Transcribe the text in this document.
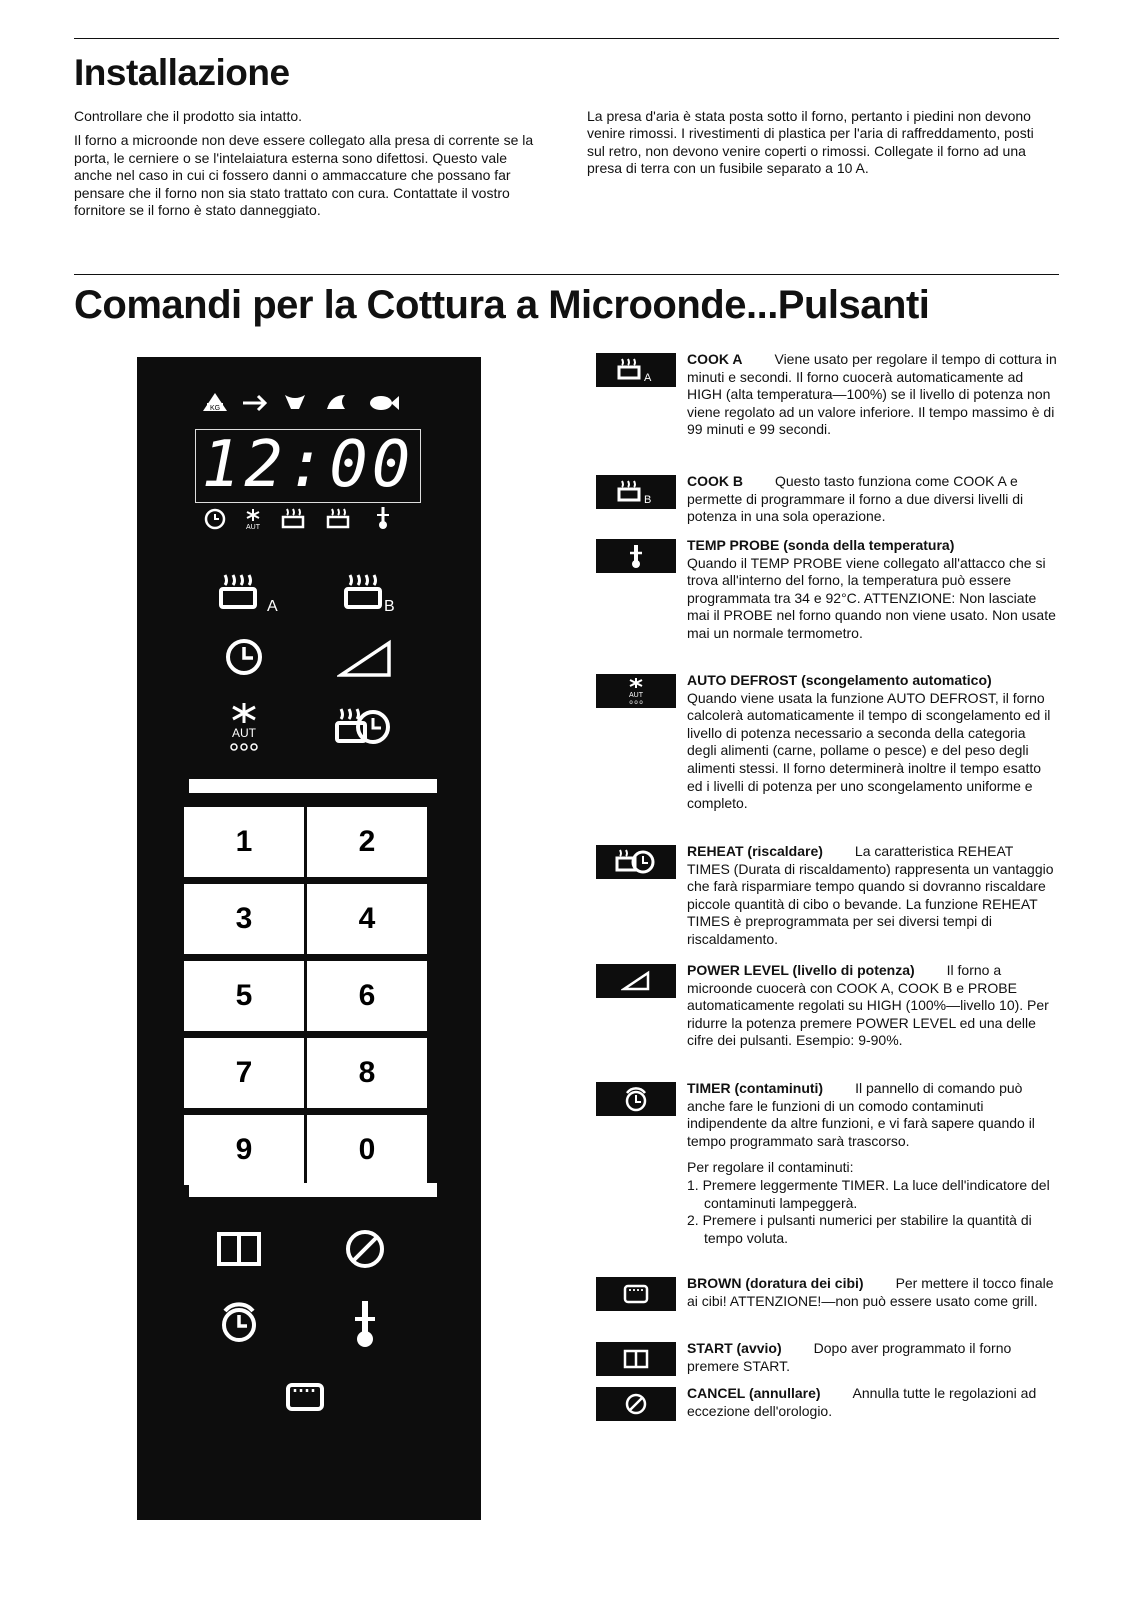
Installazione

Controllare che il prodotto sia intatto.

Il forno a microonde non deve essere collegato alla presa di corrente se la porta, le cerniere o se l'intelaiatura esterna sono difettosi. Questo vale anche nel caso in cui ci fossero danni o ammaccature che possano far pensare che il forno non sia stato trattato con cura. Contattate il vostro fornitore se il forno è stato danneggiato.

La presa d'aria è stata posta sotto il forno, pertanto i piedini non devono venire rimossi. I rivestimenti di plastica per l'aria di raffreddamento, posti sul retro, non devono venire coperti o rimossi. Collegate il forno ad una presa di terra con un fusibile separato a 10 A.

Comandi per la Cottura a Microonde...Pulsanti
KG
12:00
AUT
A	B
AUT
1	2
3	4
5	6
7	8
9	0
A
COOK A Viene usato per regolare il tempo di cottura in minuti e secondi. Il forno cuocerà automaticamente ad HIGH (alta temperatura—100%) se il livello di potenza non viene regolato ad un valore inferiore. Il tempo massimo è di 99 minuti e 99 secondi.
B
COOK B Questo tasto funziona come COOK A e permette di programmare il forno a due diversi livelli di potenza in una sola operazione.
TEMP PROBE (sonda della temperatura)
Quando il TEMP PROBE viene collegato all'attacco che si trova all'interno del forno, la temperatura può essere programmata tra 34 e 92°C. ATTENZIONE: Non lasciate mai il PROBE nel forno quando non viene usato. Non usate mai un normale termometro.
AUT
o o o
AUTO DEFROST (scongelamento automatico)
Quando viene usata la funzione AUTO DEFROST, il forno calcolerà automaticamente il tempo di scongelamento ed il livello di potenza necessario a seconda della categoria degli alimenti (carne, pollame o pesce) e del peso degli alimenti stessi. Il forno determinerà inoltre il tempo esatto ed i livelli di potenza per uno scongelamento uniforme e completo.
REHEAT (riscaldare) La caratteristica REHEAT TIMES (Durata di riscaldamento) rappresenta un vantaggio che farà risparmiare tempo quando si dovranno riscaldare piccole quantità di cibo o bevande. La funzione REHEAT TIMES è preprogrammata per sei diversi tempi di riscaldamento.
POWER LEVEL (livello di potenza) Il forno a microonde cuocerà con COOK A, COOK B e PROBE automaticamente regolati su HIGH (100%—livello 10). Per ridurre la potenza premere POWER LEVEL ed una delle cifre dei pulsanti. Esempio: 9-90%.
TIMER (contaminuti) Il pannello di comando può anche fare le funzioni di un comodo contaminuti indipendente da altre funzioni, e vi farà sapere quando il tempo programmato sarà trascorso.

Per regolare il contaminuti:

1. Premere leggermente TIMER. La luce dell'indicatore del contaminuti lampeggerà.

2. Premere i pulsanti numerici per stabilire la quantità di tempo voluta.

BROWN (doratura dei cibi) Per mettere il tocco finale ai cibi! ATTENZIONE!—non può essere usato come grill.
START (avvio) Dopo aver programmato il forno premere START.
CANCEL (annullare) Annulla tutte le regolazioni ad eccezione dell'orologio.
